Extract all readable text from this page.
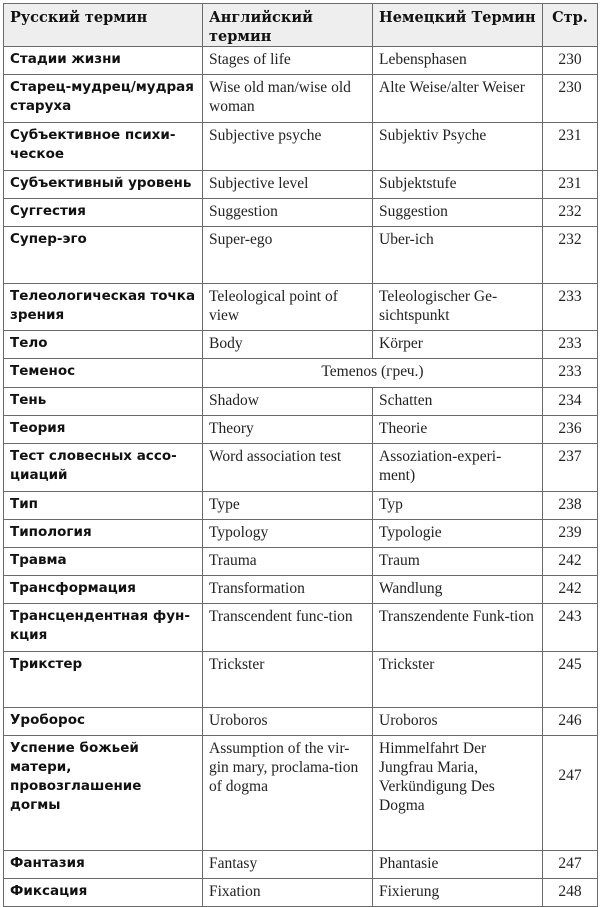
Русский термин	Английский термин	Немецкий Термин	Стр.
Стадии жизни	Stages of life	Lebensphasen	230
Старец-мудрец/мудрая старуха	Wise old man/wise old woman	Alte Weise/alter Weiser	230
Субъективное психи-ческое	Subjective psyche	Subjektiv Psyche	231
Субъективный уровень	Subjective level	Subjektstufe	231
Суггестия	Suggestion	Suggestion	232
Супер-эго	Super-ego	Uber-ich	232
Телеологическая точка зрения	Teleological point of view	Teleologischer Ge-sichtspunkt	233
Тело	Body	Körper	233
Теменос	Temenos (греч.)		233
Тень	Shadow	Schatten	234
Теория	Theory	Theorie	236
Тест словесных ассо-циаций	Word association test	Assoziation-experi-ment)	237
Тип	Type	Typ	238
Типология	Typology	Typologie	239
Травма	Trauma	Traum	242
Трансформация	Transformation	Wandlung	242
Трансцендентная фун-кция	Transcendent func-tion	Transzendente Funk-tion	243
Трикстер	Trickster	Trickster	245
Уроборос	Uroboros	Uroboros	246
Успение божьей матери, провозглашение догмы	Assumption of the vir-gin mary, proclama-tion of dogma	Himmelfahrt Der Jungfrau Maria, Verkündigung Des Dogma	247
Фантазия	Fantasy	Phantasie	247
Фиксация	Fixation	Fixierung	248
